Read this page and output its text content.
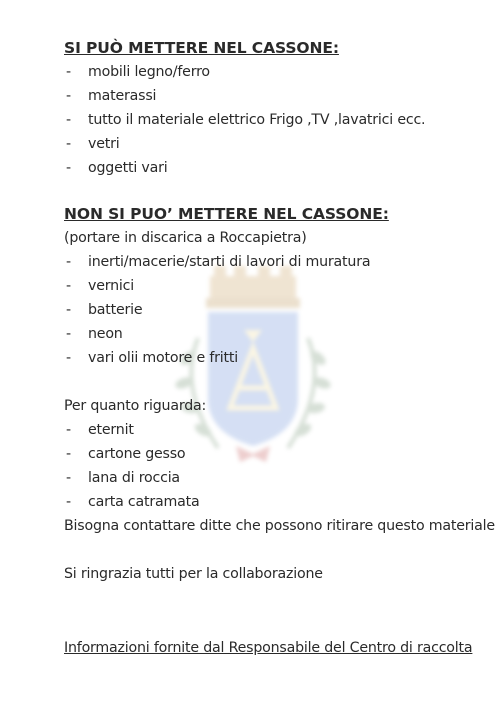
SI PUÒ METTERE NEL CASSONE:
- mobili legno/ferro
- materassi
- tutto il materiale elettrico Frigo ,TV ,lavatrici ecc.
- vetri
- oggetti vari
NON SI PUO’ METTERE NEL CASSONE:
(portare in discarica a Roccapietra)
- inerti/macerie/starti di lavori di muratura
- vernici
- batterie
- neon
- vari olii motore e fritti
Per quanto riguarda:
- eternit
- cartone gesso
- lana di roccia
- carta catramata
Bisogna contattare ditte che possono ritirare questo materiale
Si ringrazia tutti per la collaborazione
Informazioni fornite dal Responsabile del Centro di raccolta
